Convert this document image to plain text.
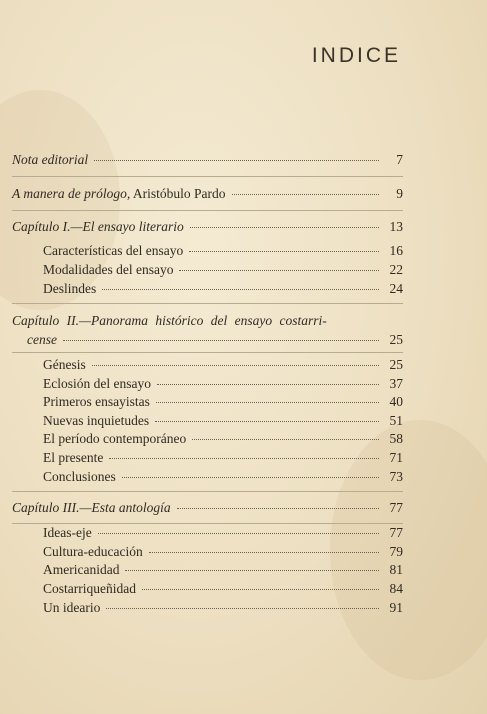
INDICE
Nota editorial	7
A manera de prólogo, Aristóbulo Pardo	9
Capítulo I.—El ensayo literario	13
Características del ensayo	16
Modalidades del ensayo	22
Deslindes	24
Capítulo II.—Panorama histórico del ensayo costarri-
cense	25
Génesis	25
Eclosión del ensayo	37
Primeros ensayistas	40
Nuevas inquietudes	51
El período contemporáneo	58
El presente	71
Conclusiones	73
Capítulo III.—Esta antología	77
Ideas-eje	77
Cultura-educación	79
Americanidad	81
Costarriqueñidad	84
Un ideario	91
